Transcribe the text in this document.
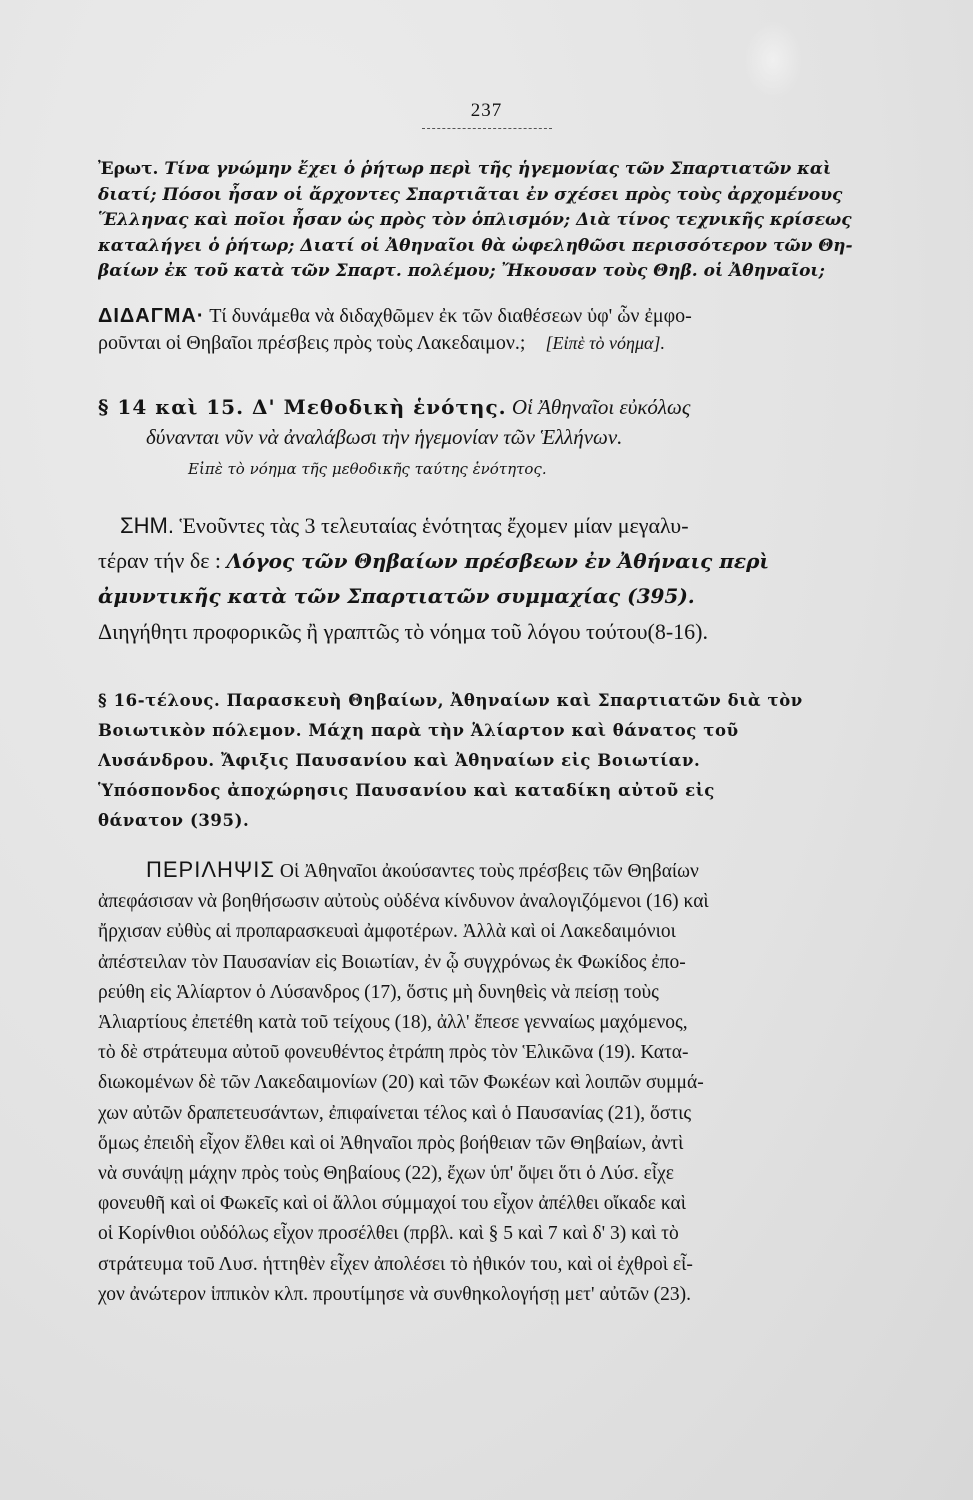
237
Ἐρωτ. Τίνα γνώμην ἔχει ὁ ῥήτωρ περὶ τῆς ἡγεμονίας τῶν Σπαρτιατῶν καὶ
διατί; Πόσοι ἦσαν οἱ ἄρχοντες Σπαρτιᾶται ἐν σχέσει πρὸς τοὺς ἀρχομένους
Ἕλληνας καὶ ποῖοι ἦσαν ὡς πρὸς τὸν ὁπλισμόν; Διὰ τίνος τεχνικῆς κρίσεως
καταλήγει ὁ ῥήτωρ; Διατί οἱ Ἀθηναῖοι θὰ ὠφεληθῶσι περισσότερον τῶν Θη-
βαίων ἐκ τοῦ κατὰ τῶν Σπαρτ. πολέμου; Ἤκουσαν τοὺς Θηβ. οἱ Ἀθηναῖοι;
ΔΙΔΑΓΜΑ· Τί δυνάμεθα νὰ διδαχθῶμεν ἐκ τῶν διαθέσεων ὑφ' ὧν ἐμφο-
ροῦνται οἱ Θηβαῖοι πρέσβεις πρὸς τοὺς Λακεδαιμον.; [Εἰπὲ τὸ νόημα].
§ 14 καὶ 15. Δ' Μεθοδικὴ ἑνότης. Οἱ Ἀθηναῖοι εὐκόλως
δύνανται νῦν νὰ ἀναλάβωσι τὴν ἡγεμονίαν τῶν Ἑλλήνων.
Εἰπὲ τὸ νόημα τῆς μεθοδικῆς ταύτης ἑνότητος.
ΣΗΜ. Ἑνοῦντες τὰς 3 τελευταίας ἑνότητας ἔχομεν μίαν μεγαλυ-
τέραν τήν δε : Λόγος τῶν Θηβαίων πρέσβεων ἐν Ἀθήναις περὶ
ἀμυντικῆς κατὰ τῶν Σπαρτιατῶν συμμαχίας (395).
Διηγήθητι προφορικῶς ἢ γραπτῶς τὸ νόημα τοῦ λόγου τούτου(8-16).
§ 16-τέλους. Παρασκευὴ Θηβαίων, Ἀθηναίων καὶ Σπαρτιατῶν διὰ τὸν
Βοιωτικὸν πόλεμον. Μάχη παρὰ τὴν Ἁλίαρτον καὶ θάνατος τοῦ
Λυσάνδρου. Ἄφιξις Παυσανίου καὶ Ἀθηναίων εἰς Βοιωτίαν.
Ὑπόσπονδος ἀποχώρησις Παυσανίου καὶ καταδίκη αὐτοῦ εἰς
θάνατον (395).
ΠΕΡΙΛΗΨΙΣ Οἱ Ἀθηναῖοι ἀκούσαντες τοὺς πρέσβεις τῶν Θηβαίων
ἀπεφάσισαν νὰ βοηθήσωσιν αὐτοὺς οὐδένα κίνδυνον ἀναλογιζόμενοι (16) καὶ
ἤρχισαν εὐθὺς αἱ προπαρασκευαὶ ἀμφοτέρων. Ἀλλὰ καὶ οἱ Λακεδαιμόνιοι
ἀπέστειλαν τὸν Παυσανίαν εἰς Βοιωτίαν, ἐν ᾧ συγχρόνως ἐκ Φωκίδος ἐπο-
ρεύθη εἰς Ἁλίαρτον ὁ Λύσανδρος (17), ὅστις μὴ δυνηθεὶς νὰ πείσῃ τοὺς
Ἁλιαρτίους ἐπετέθη κατὰ τοῦ τείχους (18), ἀλλ' ἔπεσε γενναίως μαχόμενος,
τὸ δὲ στράτευμα αὐτοῦ φονευθέντος ἐτράπη πρὸς τὸν Ἑλικῶνα (19). Κατα-
διωκομένων δὲ τῶν Λακεδαιμονίων (20) καὶ τῶν Φωκέων καὶ λοιπῶν συμμά-
χων αὐτῶν δραπετευσάντων, ἐπιφαίνεται τέλος καὶ ὁ Παυσανίας (21), ὅστις
ὅμως ἐπειδὴ εἶχον ἔλθει καὶ οἱ Ἀθηναῖοι πρὸς βοήθειαν τῶν Θηβαίων, ἀντὶ
νὰ συνάψῃ μάχην πρὸς τοὺς Θηβαίους (22), ἔχων ὑπ' ὄψει ὅτι ὁ Λύσ. εἶχε
φονευθῆ καὶ οἱ Φωκεῖς καὶ οἱ ἄλλοι σύμμαχοί του εἶχον ἀπέλθει οἴκαδε καὶ
οἱ Κορίνθιοι οὐδόλως εἶχον προσέλθει (πρβλ. καὶ § 5 καὶ 7 καὶ δ' 3) καὶ τὸ
στράτευμα τοῦ Λυσ. ἡττηθὲν εἶχεν ἀπολέσει τὸ ἠθικόν του, καὶ οἱ ἐχθροὶ εἶ-
χον ἀνώτερον ἱππικὸν κλπ. προυτίμησε νὰ συνθηκολογήσῃ μετ' αὐτῶν (23).
